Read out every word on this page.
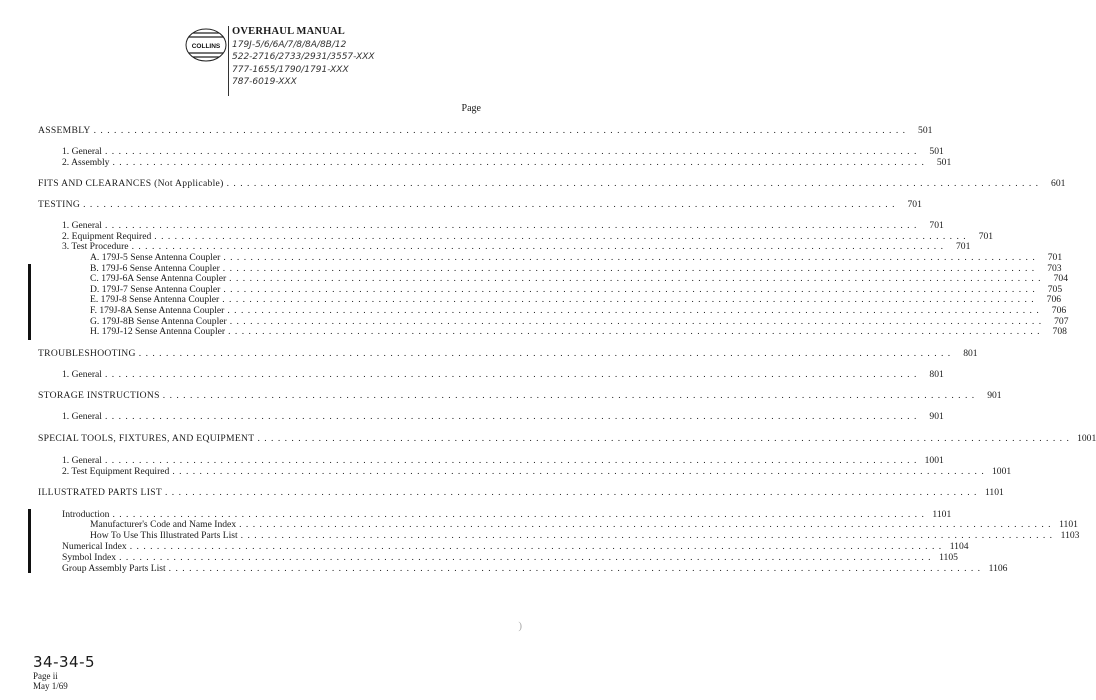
COLLINS
OVERHAUL MANUAL
179J-5/6/6A/7/8/8A/8B/12
522-2716/2733/2931/3557-XXX
777-1655/1790/1791-XXX
787-6019-XXX
Page
ASSEMBLY ........................................................................................................................ 501
1. General ........................................................................................................................ 501
2. Assembly ........................................................................................................................ 501
FITS AND CLEARANCES (Not Applicable) ........................................................................................................................ 601
TESTING ........................................................................................................................ 701
1. General ........................................................................................................................ 701
2. Equipment Required ........................................................................................................................ 701
3. Test Procedure ........................................................................................................................ 701
A. 179J-5 Sense Antenna Coupler ........................................................................................................................ 701
B. 179J-6 Sense Antenna Coupler ........................................................................................................................ 703
C. 179J-6A Sense Antenna Coupler ........................................................................................................................ 704
D. 179J-7 Sense Antenna Coupler ........................................................................................................................ 705
E. 179J-8 Sense Antenna Coupler ........................................................................................................................ 706
F. 179J-8A Sense Antenna Coupler ........................................................................................................................ 706
G. 179J-8B Sense Antenna Coupler ........................................................................................................................ 707
H. 179J-12 Sense Antenna Coupler ........................................................................................................................ 708
TROUBLESHOOTING ........................................................................................................................ 801
1. General ........................................................................................................................ 801
STORAGE INSTRUCTIONS ........................................................................................................................ 901
1. General ........................................................................................................................ 901
SPECIAL TOOLS, FIXTURES, AND EQUIPMENT ........................................................................................................................ 1001
1. General ........................................................................................................................ 1001
2. Test Equipment Required ........................................................................................................................ 1001
ILLUSTRATED PARTS LIST ........................................................................................................................ 1101
Introduction ........................................................................................................................ 1101
Manufacturer's Code and Name Index ........................................................................................................................ 1101
How To Use This Illustrated Parts List ........................................................................................................................ 1103
Numerical Index ........................................................................................................................ 1104
Symbol Index ........................................................................................................................ 1105
Group Assembly Parts List ........................................................................................................................ 1106
)
34-34-5
Page ii
May 1/69
